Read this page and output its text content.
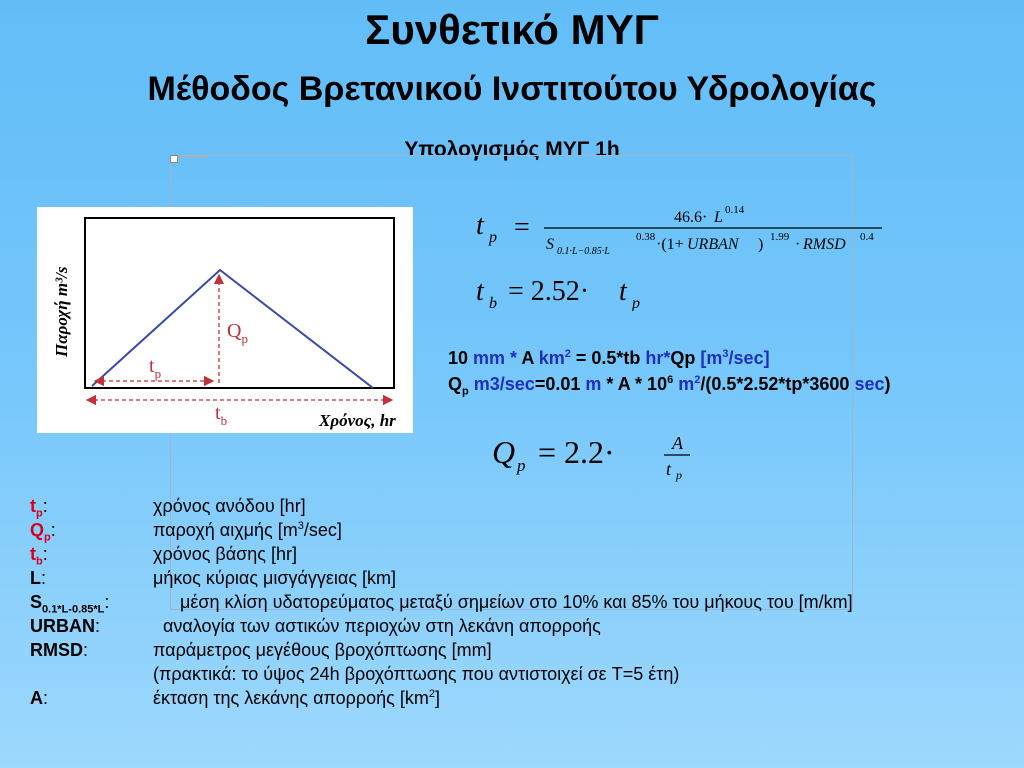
Συνθετικό ΜΥΓ
Μέθοδος Βρετανικού Ινστιτούτου Υδρολογίας
Υπολογισμός ΜΥΓ 1h
$Q_p$
$t_p$
$t_b$	Χρόνος, hr
Παροχή m³/s
t p =	46.6· L 0.14
S 0.1·L−0.85·L
0.38 ·(1+ URBAN ) 1.99 · RMSD 0.4
t b = 2.52· t p
10 mm * A $km^2 = 0.5*tb$ hr*Qp $[m^3/\sec]$
$Q_p$ m3/sec=0.01 m * A * $10^6$ $m^2/(0.5*2.52*tp*3600$ sec)
Q p = 2.2·	A
t p
$t_p$:	χρόνος ανόδου [hr]
$Q_p$:	παροχή αιχμής $[m^3/\sec]$
$t_b$:	χρόνος βάσης [hr]
L:	μήκος κύριας μισγάγγειας [km]
$S_{0.1*L-0.85*L}$:	μέση κλίση υδατορεύματος μεταξύ σημείων στο 10% και 85% του μήκους του [m/km]
URBAN:	αναλογία των αστικών περιοχών στη λεκάνη απορροής
RMSD:	παράμετρος μεγέθους βροχόπτωσης [mm]
(πρακτικά: το ύψος 24h βροχόπτωσης που αντιστοιχεί σε T=5 έτη)
A:	έκταση της λεκάνης απορροής $[km^2]$
